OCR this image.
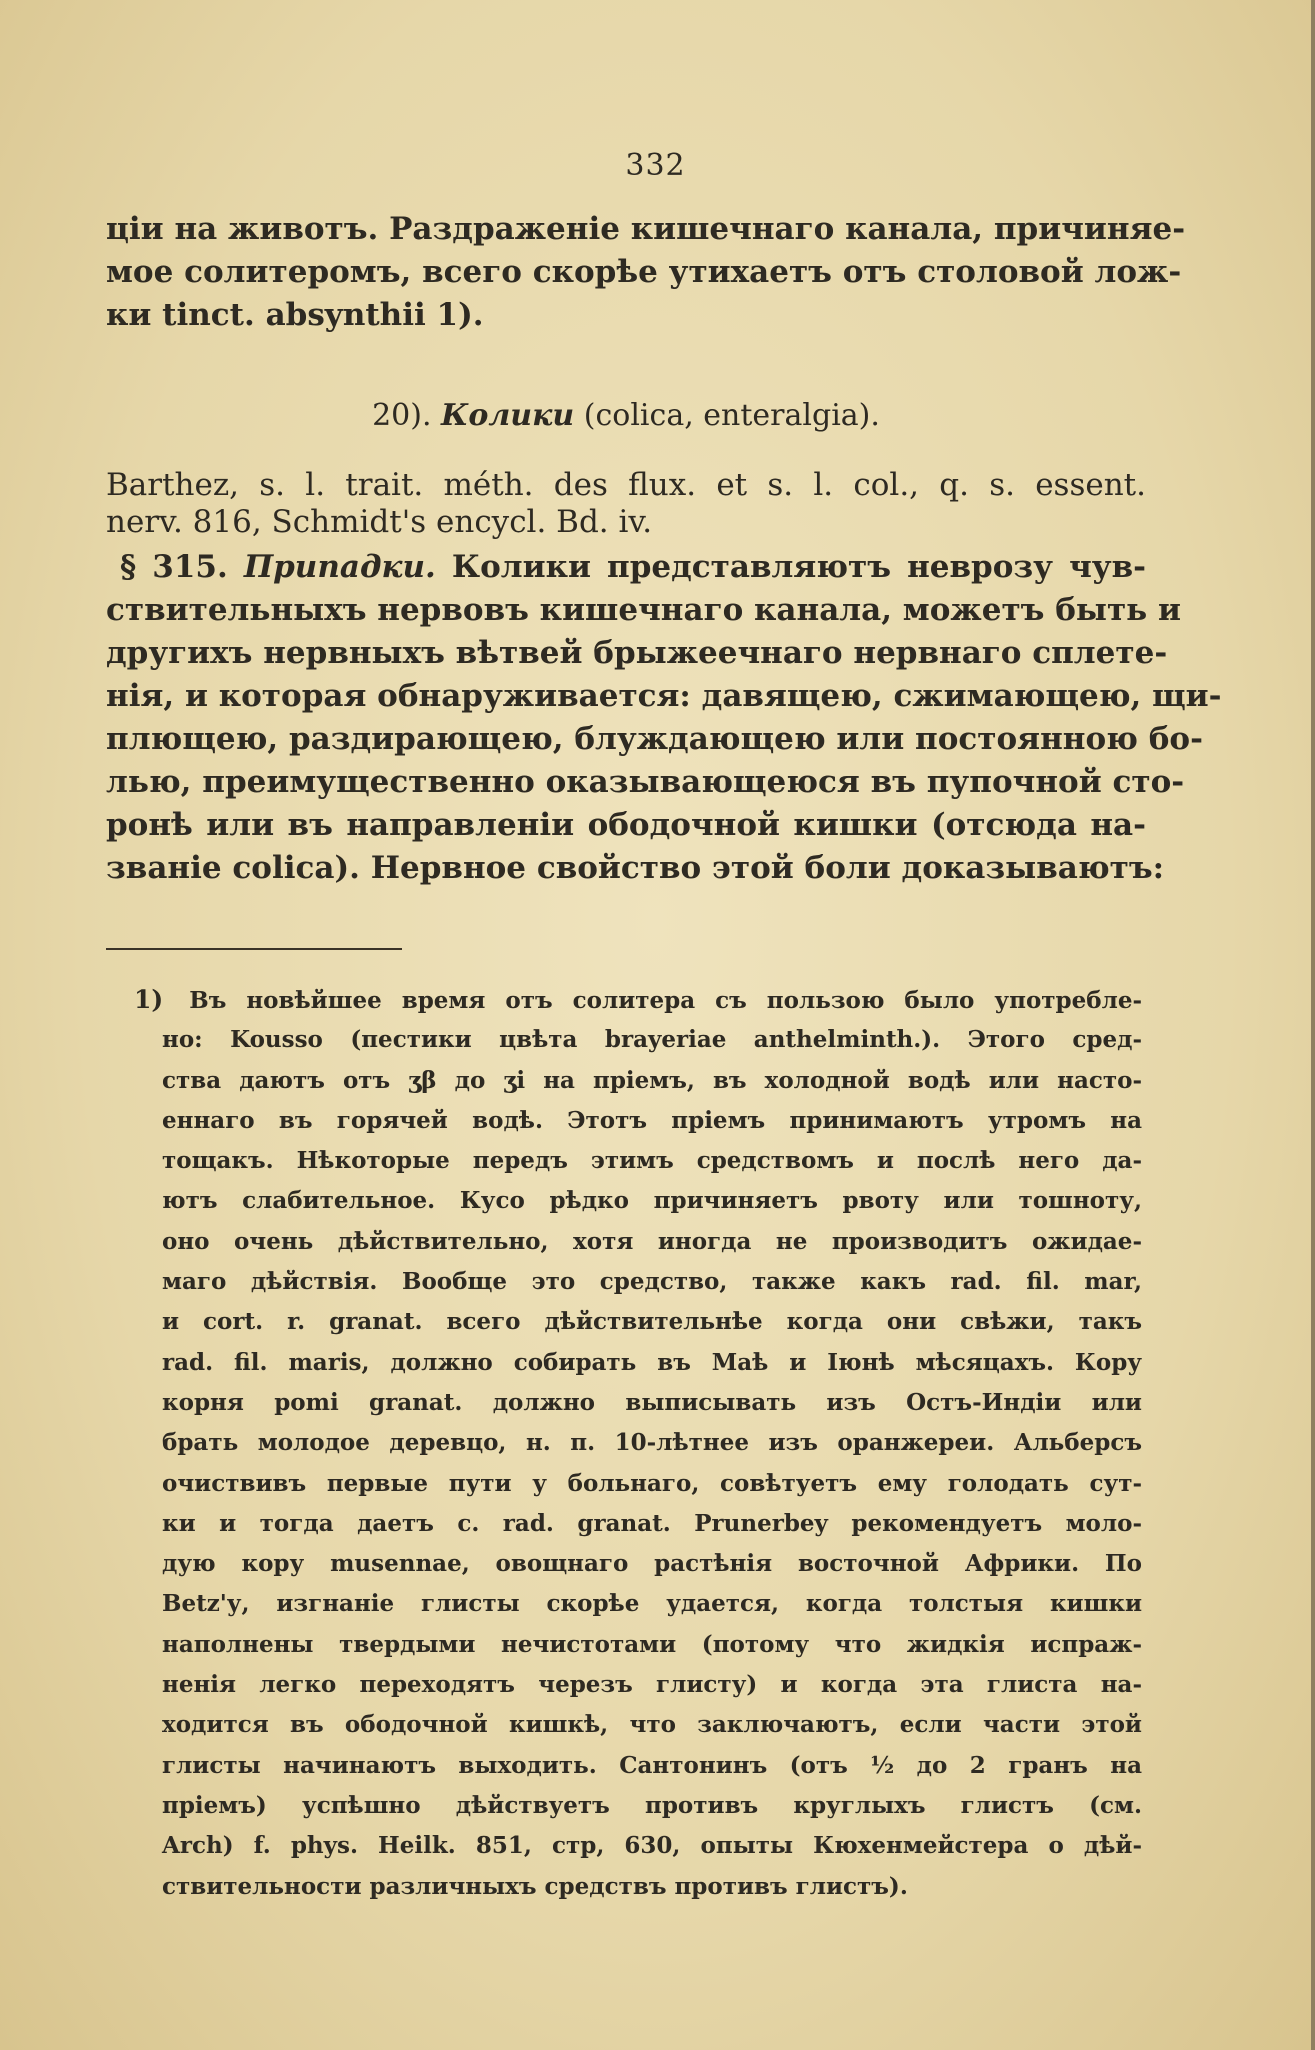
332
ціи на животъ. Раздраженіе кишечнаго канала, причиняе-
мое солитеромъ, всего скорѣе утихаетъ отъ столовой лож-
ки tinct. absynthii 1).
20). Колики (colica, enteralgia).
Barthez, s. l. trait. méth. des flux. et s. l. col., q. s. essent.
nerv. 816, Schmidt's encycl. Bd. iv.
§ 315. Припадки. Колики представляютъ неврозу чув-
ствительныхъ нервовъ кишечнаго канала, можетъ быть и
другихъ нервныхъ вѣтвей брыжеечнаго нервнаго сплете-
нія, и которая обнаруживается: давящею, сжимающею, щи-
плющею, раздирающею, блуждающею или постоянною бо-
лью, преимущественно оказывающеюся въ пупочной сто-
ронѣ или въ направленіи ободочной кишки (отсюда на-
званіе colica). Нервное свойство этой боли доказываютъ:
1) Въ новѣйшее время отъ солитера съ пользою было употребле-
но: Kousso (пестики цвѣта brayeriae anthelminth.). Этого сред-
ства даютъ отъ ʒβ до ʒi на пріемъ, въ холодной водѣ или насто-
еннаго въ горячей водѣ. Этотъ пріемъ принимаютъ утромъ на
тощакъ. Нѣкоторые передъ этимъ средствомъ и послѣ него да-
ютъ слабительное. Кусо рѣдко причиняетъ рвоту или тошноту,
оно очень дѣйствительно, хотя иногда не производитъ ожидае-
маго дѣйствія. Вообще это средство, также какъ rad. fil. mar,
и cort. r. granat. всего дѣйствительнѣе когда они свѣжи, такъ
rad. fil. maris, должно собирать въ Маѣ и Іюнѣ мѣсяцахъ. Кору
корня pomi granat. должно выписывать изъ Остъ-Индіи или
брать молодое деревцо, н. п. 10-лѣтнее изъ оранжереи. Альберсъ
очиствивъ первые пути у больнаго, совѣтуетъ ему голодать сут-
ки и тогда даетъ c. rad. granat. Prunerbey рекомендуетъ моло-
дую кору musennae, овощнаго растѣнія восточной Африки. По
Betz'у, изгнаніе глисты скорѣе удается, когда толстыя кишки
наполнены твердыми нечистотами (потому что жидкія испраж-
ненія легко переходятъ черезъ глисту) и когда эта глиста на-
ходится въ ободочной кишкѣ, что заключаютъ, если части этой
глисты начинаютъ выходить. Сантонинъ (отъ ½ до 2 гранъ на
пріемъ) успѣшно дѣйствуетъ противъ круглыхъ глистъ (см.
Arch) f. phys. Heilk. 851, стр, 630, опыты Кюхенмейстера о дѣй-
ствительности различныхъ средствъ противъ глистъ).
